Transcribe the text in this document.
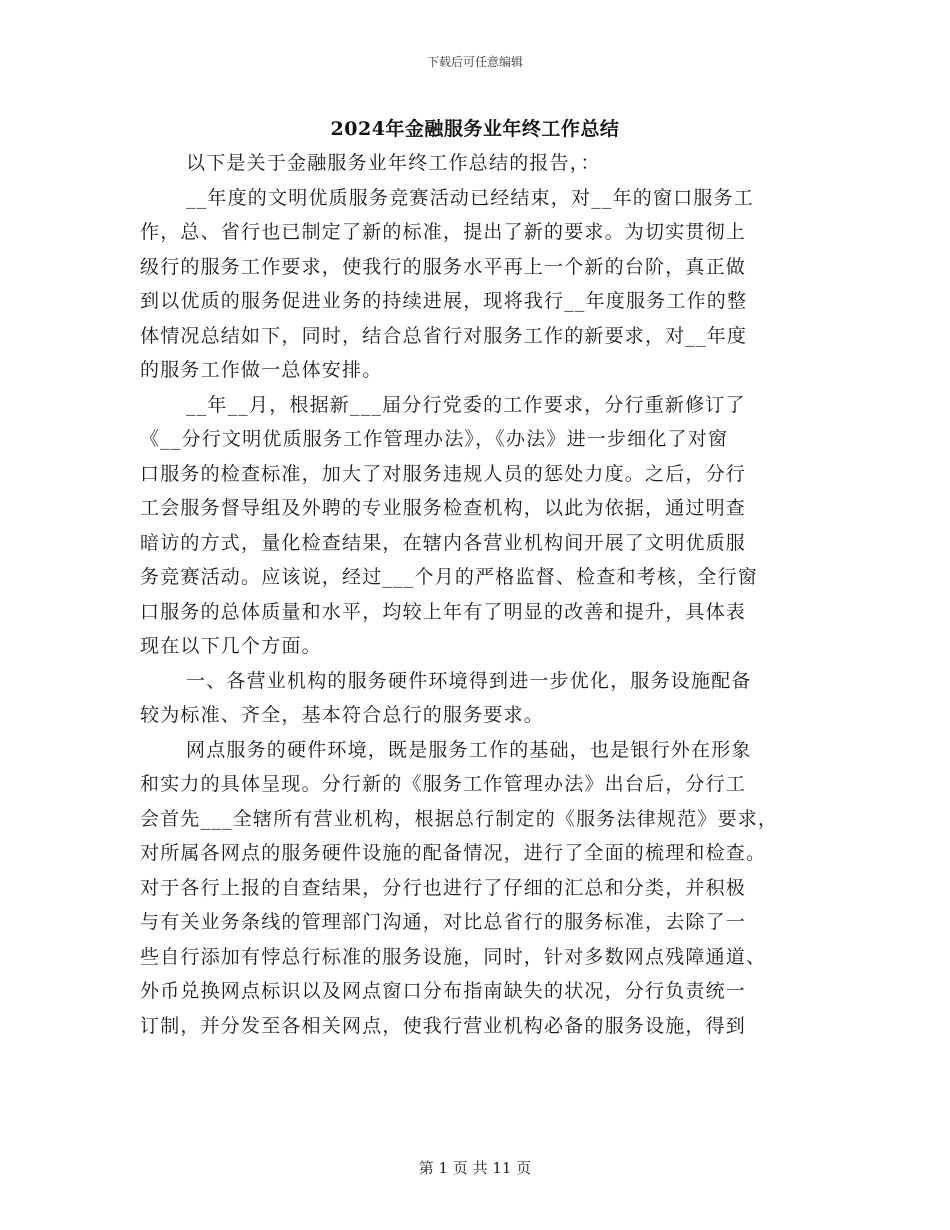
下载后可任意编辑
2024年金融服务业年终工作总结
以下是关于金融服务业年终工作总结的报告，：
__年度的文明优质服务竞赛活动已经结束，对__年的窗口服务工
作，总、省行也已制定了新的标准，提出了新的要求。为切实贯彻上
级行的服务工作要求，使我行的服务水平再上一个新的台阶，真正做
到以优质的服务促进业务的持续进展，现将我行__年度服务工作的整
体情况总结如下，同时，结合总省行对服务工作的新要求，对__年度
的服务工作做一总体安排。
__年__月，根据新___届分行党委的工作要求，分行重新修订了
《__分行文明优质服务工作管理办法》，《办法》进一步细化了对窗
口服务的检查标准，加大了对服务违规人员的惩处力度。之后，分行
工会服务督导组及外聘的专业服务检查机构，以此为依据，通过明查
暗访的方式，量化检查结果，在辖内各营业机构间开展了文明优质服
务竞赛活动。应该说，经过___个月的严格监督、检查和考核，全行窗
口服务的总体质量和水平，均较上年有了明显的改善和提升，具体表
现在以下几个方面。
一、各营业机构的服务硬件环境得到进一步优化，服务设施配备
较为标准、齐全，基本符合总行的服务要求。
网点服务的硬件环境，既是服务工作的基础，也是银行外在形象
和实力的具体呈现。分行新的《服务工作管理办法》出台后，分行工
会首先___全辖所有营业机构，根据总行制定的《服务法律规范》要求，
对所属各网点的服务硬件设施的配备情况，进行了全面的梳理和检查。
对于各行上报的自查结果，分行也进行了仔细的汇总和分类，并积极
与有关业务条线的管理部门沟通，对比总省行的服务标准，去除了一
些自行添加有悖总行标准的服务设施，同时，针对多数网点残障通道、
外币兑换网点标识以及网点窗口分布指南缺失的状况，分行负责统一
订制，并分发至各相关网点，使我行营业机构必备的服务设施，得到
第 1 页 共 11 页
